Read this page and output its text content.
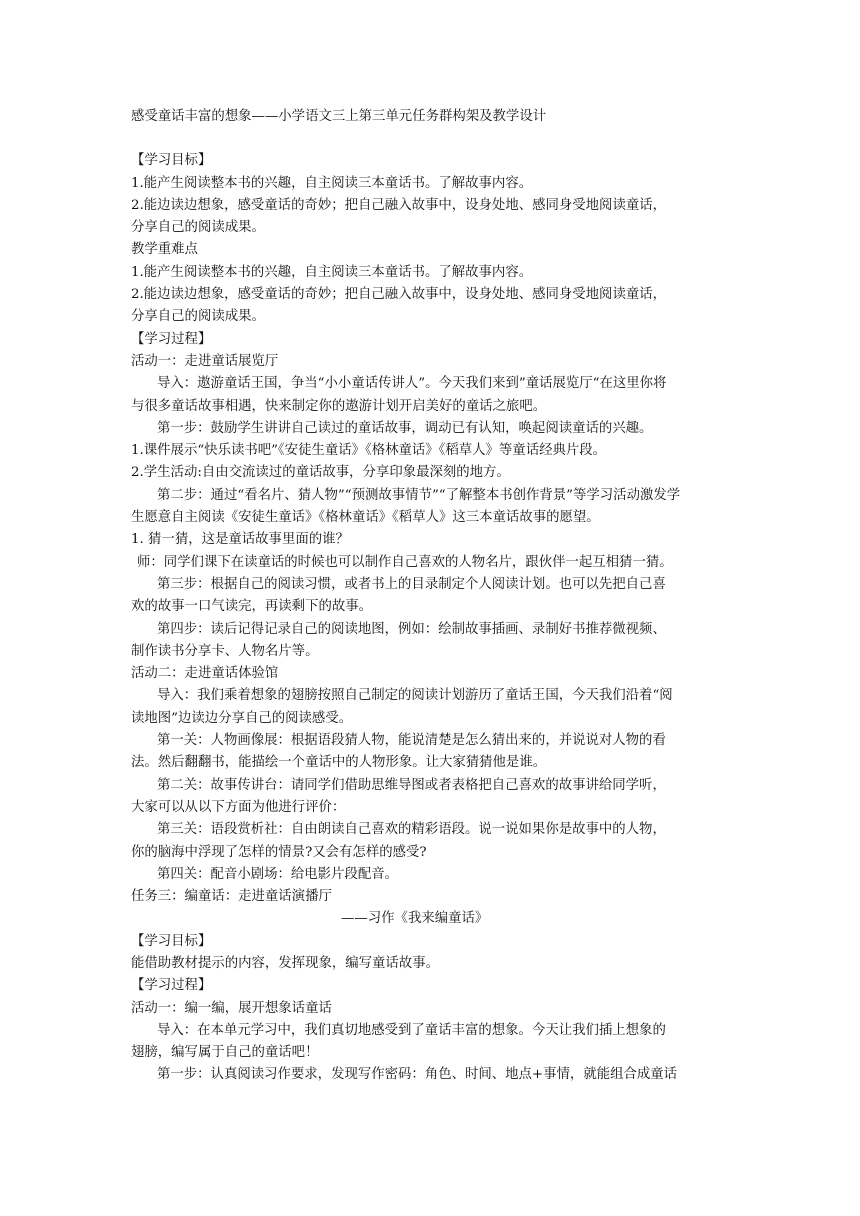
感受童话丰富的想象——小学语文三上第三单元任务群构架及教学设计
【学习目标】
1.能产生阅读整本书的兴趣，自主阅读三本童话书。了解故事内容。
2.能边读边想象，感受童话的奇妙；把自己融入故事中，设身处地、感同身受地阅读童话，
分享自己的阅读成果。
教学重难点
1.能产生阅读整本书的兴趣，自主阅读三本童话书。了解故事内容。
2.能边读边想象，感受童话的奇妙；把自己融入故事中，设身处地、感同身受地阅读童话，
分享自己的阅读成果。
【学习过程】
活动一：走进童话展览厅
导入：遨游童话王国，争当“小小童话传讲人”。今天我们来到”童话展览厅“在这里你将
与很多童话故事相遇，快来制定你的遨游计划开启美好的童话之旅吧。
第一步：鼓励学生讲讲自己读过的童话故事，调动已有认知，唤起阅读童话的兴趣。
1.课件展示“快乐读书吧”《安徒生童话》《格林童话》《稻草人》等童话经典片段。
2.学生活动:自由交流读过的童话故事，分享印象最深刻的地方。
第二步：通过“看名片、猜人物”“预测故事情节”“了解整本书创作背景”等学习活动激发学
生愿意自主阅读《安徒生童话》《格林童话》《稻草人》这三本童话故事的愿望。
1. 猜一猜，这是童话故事里面的谁？
师：同学们课下在读童话的时候也可以制作自己喜欢的人物名片，跟伙伴一起互相猜一猜。
第三步：根据自己的阅读习惯，或者书上的目录制定个人阅读计划。也可以先把自己喜
欢的故事一口气读完，再读剩下的故事。
第四步：读后记得记录自己的阅读地图，例如：绘制故事插画、录制好书推荐微视频、
制作读书分享卡、人物名片等。
活动二：走进童话体验馆
导入：我们乘着想象的翅膀按照自己制定的阅读计划游历了童话王国，今天我们沿着“阅
读地图”边读边分享自己的阅读感受。
第一关：人物画像展：根据语段猜人物，能说清楚是怎么猜出来的，并说说对人物的看
法。然后翻翻书，能描绘一个童话中的人物形象。让大家猜猜他是谁。
第二关：故事传讲台：请同学们借助思维导图或者表格把自己喜欢的故事讲给同学听，
大家可以从以下方面为他进行评价：
第三关：语段赏析社：自由朗读自己喜欢的精彩语段。说一说如果你是故事中的人物，
你的脑海中浮现了怎样的情景?又会有怎样的感受?
第四关：配音小剧场：给电影片段配音。
任务三：编童话：走进童话演播厅
——习作《我来编童话》
【学习目标】
能借助教材提示的内容，发挥现象，编写童话故事。
【学习过程】
活动一：编一编，展开想象话童话
导入：在本单元学习中，我们真切地感受到了童话丰富的想象。今天让我们插上想象的
翅膀，编写属于自己的童话吧！
第一步：认真阅读习作要求，发现写作密码：角色、时间、地点+事情，就能组合成童话
